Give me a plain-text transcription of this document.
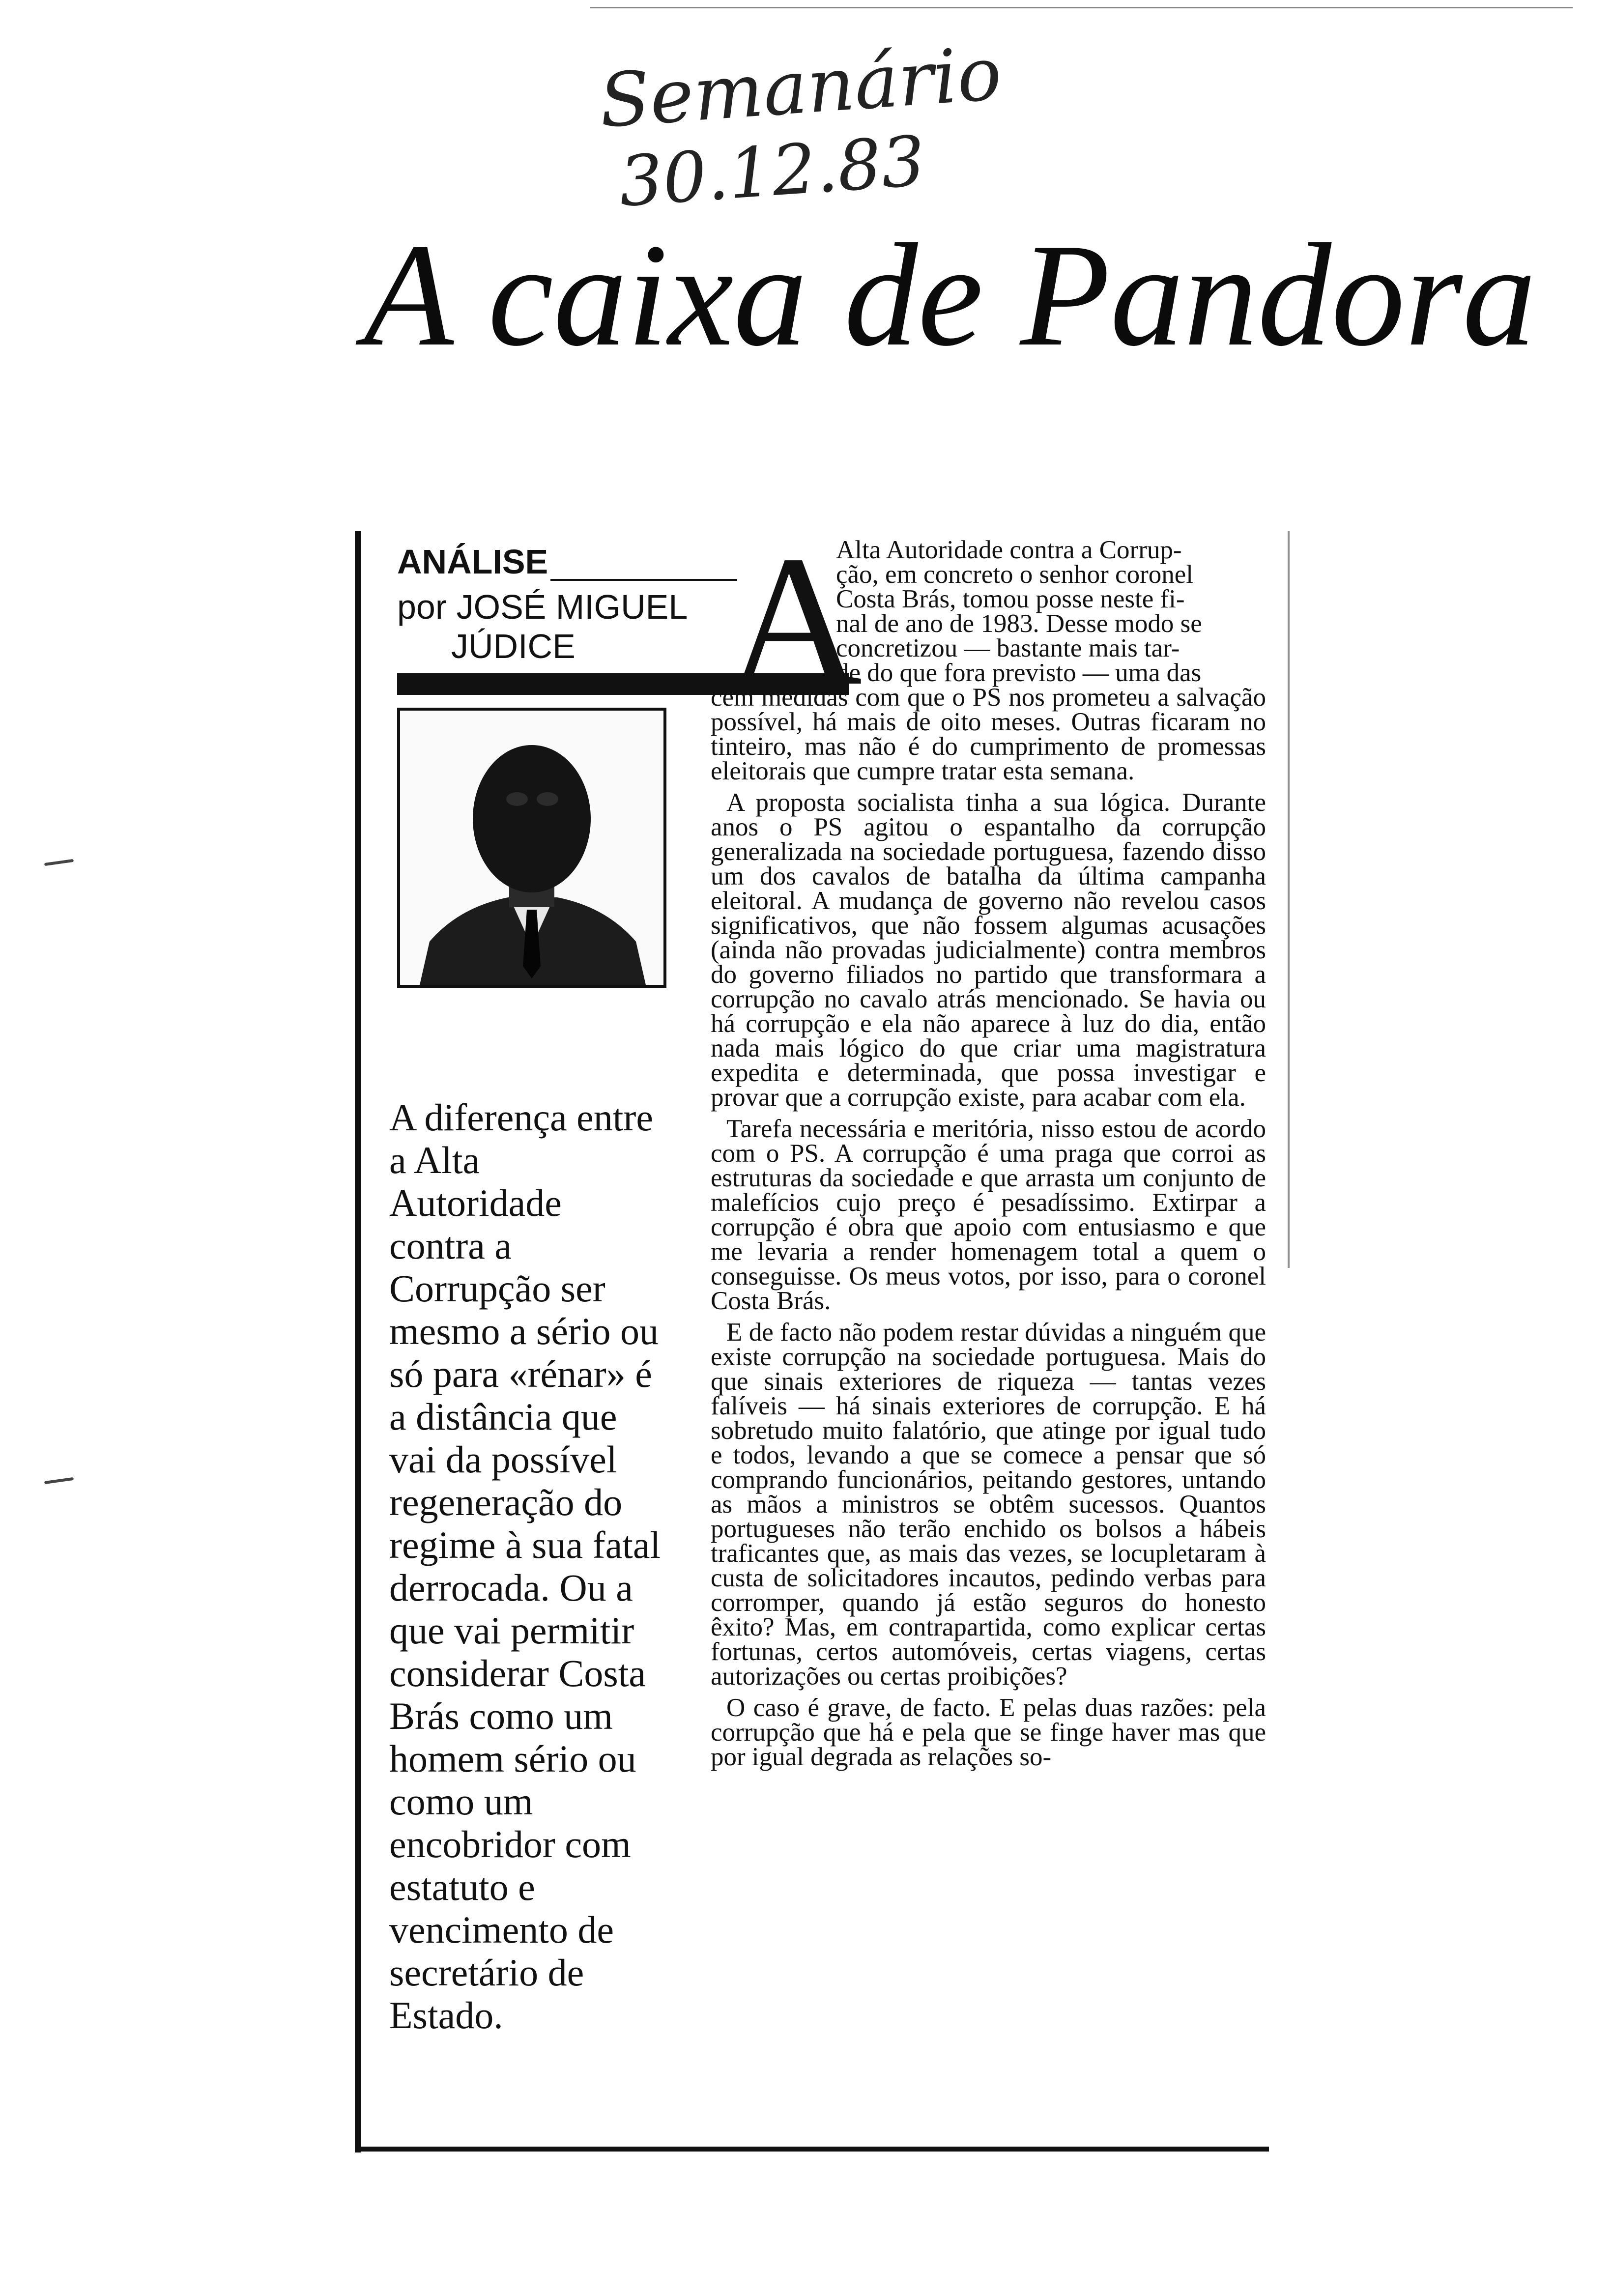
Semanário
30.12.83
A caixa de Pandora
ANÁLISE
por JOSÉ MIGUEL
JÚDICE
A diferença entre
a Alta
Autoridade
contra a
Corrupção ser
mesmo a sério ou
só para «rénar» é
a distância que
vai da possível
regeneração do
regime à sua fatal
derrocada. Ou a
que vai permitir
considerar Costa
Brás como um
homem sério ou
como um
encobridor com
estatuto e
vencimento de
secretário de
Estado.
A
Alta Autoridade contra a Corrup-
ção, em concreto o senhor coronel
Costa Brás, tomou posse neste fi-
nal de ano de 1983. Desse modo se
concretizou — bastante mais tar-
de do que fora previsto — uma das

cem medidas com que o PS nos prometeu a salvação possível, há mais de oito meses. Outras ficaram no tinteiro, mas não é do cumprimento de promessas eleitorais que cumpre tratar esta semana.

A proposta socialista tinha a sua lógica. Durante anos o PS agitou o espantalho da corrupção generalizada na sociedade portuguesa, fazendo disso um dos cavalos de batalha da última campanha eleitoral. A mudança de governo não revelou casos significativos, que não fossem algumas acusações (ainda não provadas judicialmente) contra membros do governo filiados no partido que transformara a corrupção no cavalo atrás mencionado. Se havia ou há corrupção e ela não aparece à luz do dia, então nada mais lógico do que criar uma magistratura expedita e determinada, que possa investigar e provar que a corrupção existe, para acabar com ela.

Tarefa necessária e meritória, nisso estou de acordo com o PS. A corrupção é uma praga que corroi as estruturas da sociedade e que arrasta um conjunto de malefícios cujo preço é pesadíssimo. Extirpar a corrupção é obra que apoio com entusiasmo e que me levaria a render homenagem total a quem o conseguisse. Os meus votos, por isso, para o coronel Costa Brás.

E de facto não podem restar dúvidas a ninguém que existe corrupção na sociedade portuguesa. Mais do que sinais exteriores de riqueza — tantas vezes falíveis — há sinais exteriores de corrupção. E há sobretudo muito falatório, que atinge por igual tudo e todos, levando a que se comece a pensar que só comprando funcionários, peitando gestores, untando as mãos a ministros se obtêm sucessos. Quantos portugueses não terão enchido os bolsos a hábeis traficantes que, as mais das vezes, se locupletaram à custa de solicitadores incautos, pedindo verbas para corromper, quando já estão seguros do honesto êxito? Mas, em contrapartida, como explicar certas fortunas, certos automóveis, certas viagens, certas autorizações ou certas proibições?

O caso é grave, de facto. E pelas duas razões: pela corrupção que há e pela que se finge haver mas que por igual degrada as relações so-
